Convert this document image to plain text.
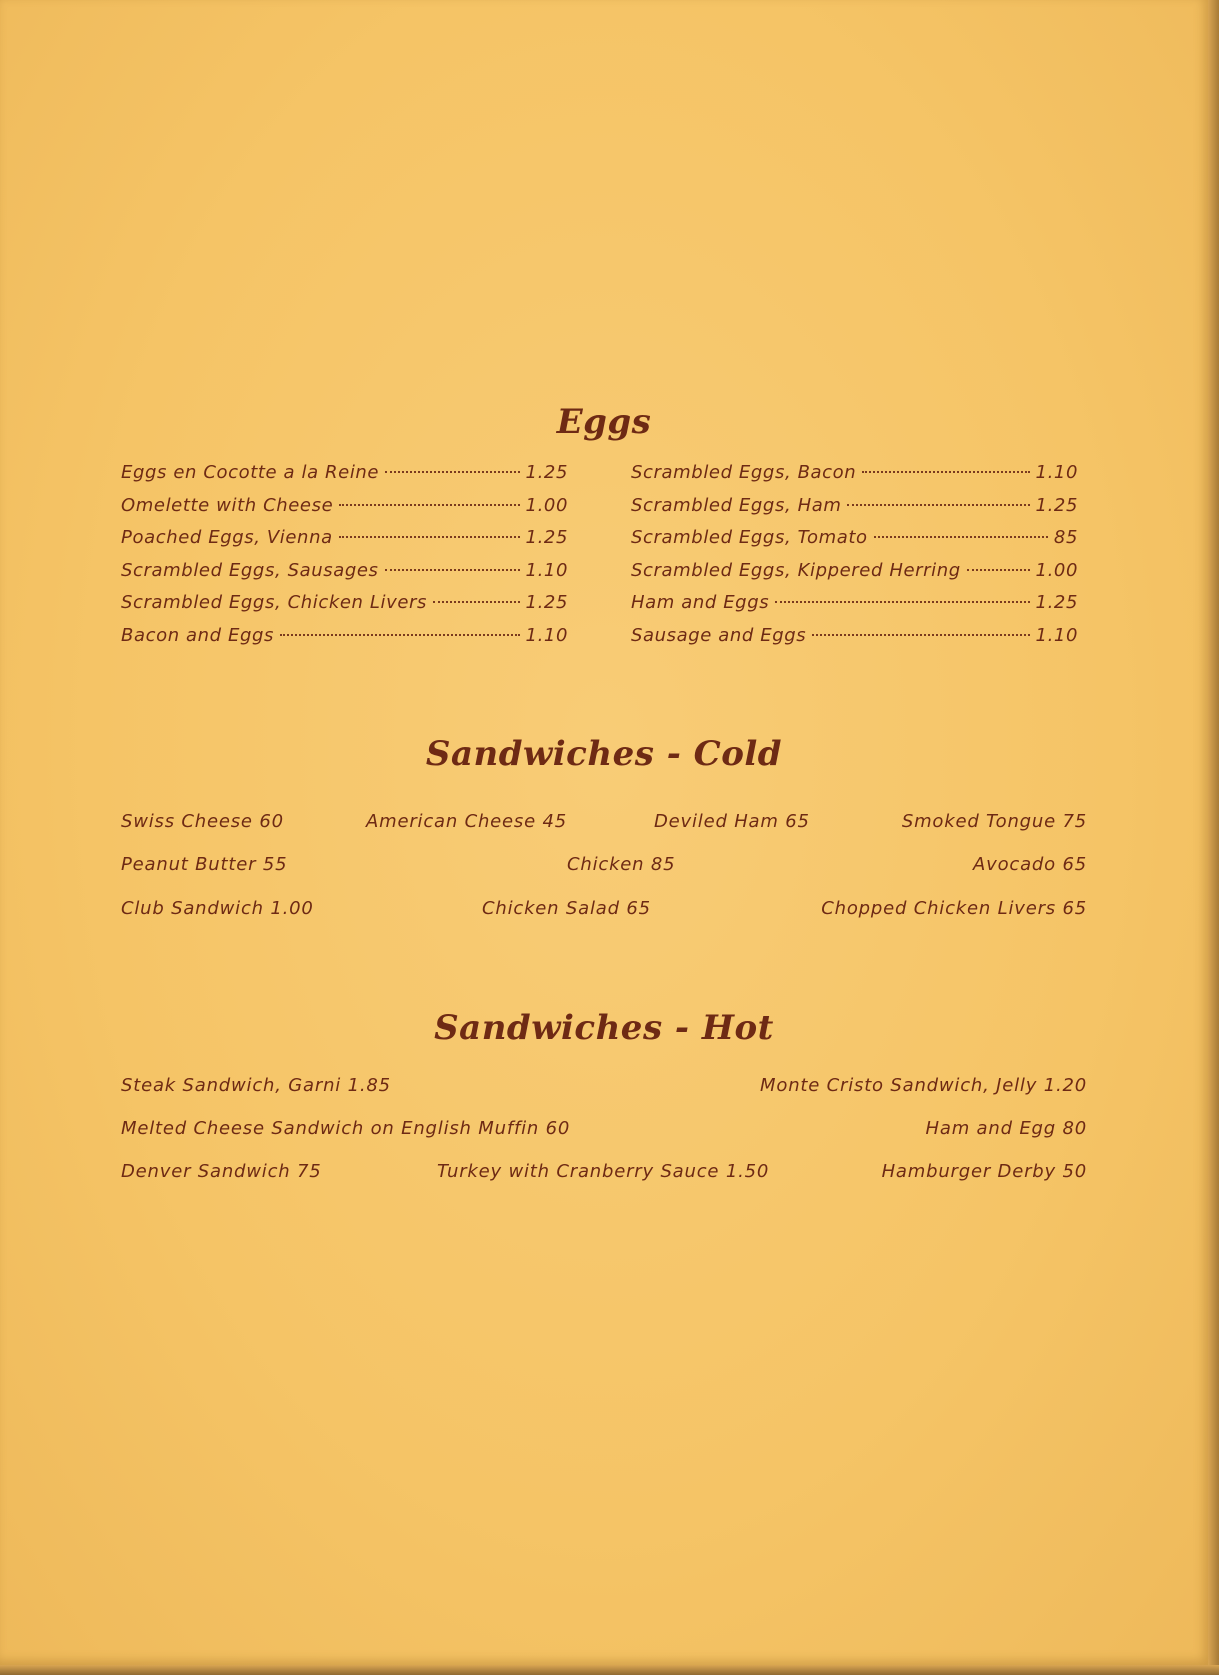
Eggs
Eggs en Cocotte a la Reine	1.25
Omelette with Cheese	1.00
Poached Eggs, Vienna	1.25
Scrambled Eggs, Sausages	1.10
Scrambled Eggs, Chicken Livers	1.25
Bacon and Eggs	1.10
Scrambled Eggs, Bacon	1.10
Scrambled Eggs, Ham	1.25
Scrambled Eggs, Tomato	85
Scrambled Eggs, Kippered Herring	1.00
Ham and Eggs	1.25
Sausage and Eggs	1.10
Sandwiches - Cold
Swiss Cheese 60	American Cheese 45	Deviled Ham 65	Smoked Tongue 75
Peanut Butter 55	Chicken 85	Avocado 65
Club Sandwich 1.00	Chicken Salad 65	Chopped Chicken Livers 65
Sandwiches - Hot
Steak Sandwich, Garni 1.85	Monte Cristo Sandwich, Jelly 1.20
Melted Cheese Sandwich on English Muffin 60	Ham and Egg 80
Denver Sandwich 75	Turkey with Cranberry Sauce 1.50	Hamburger Derby 50
